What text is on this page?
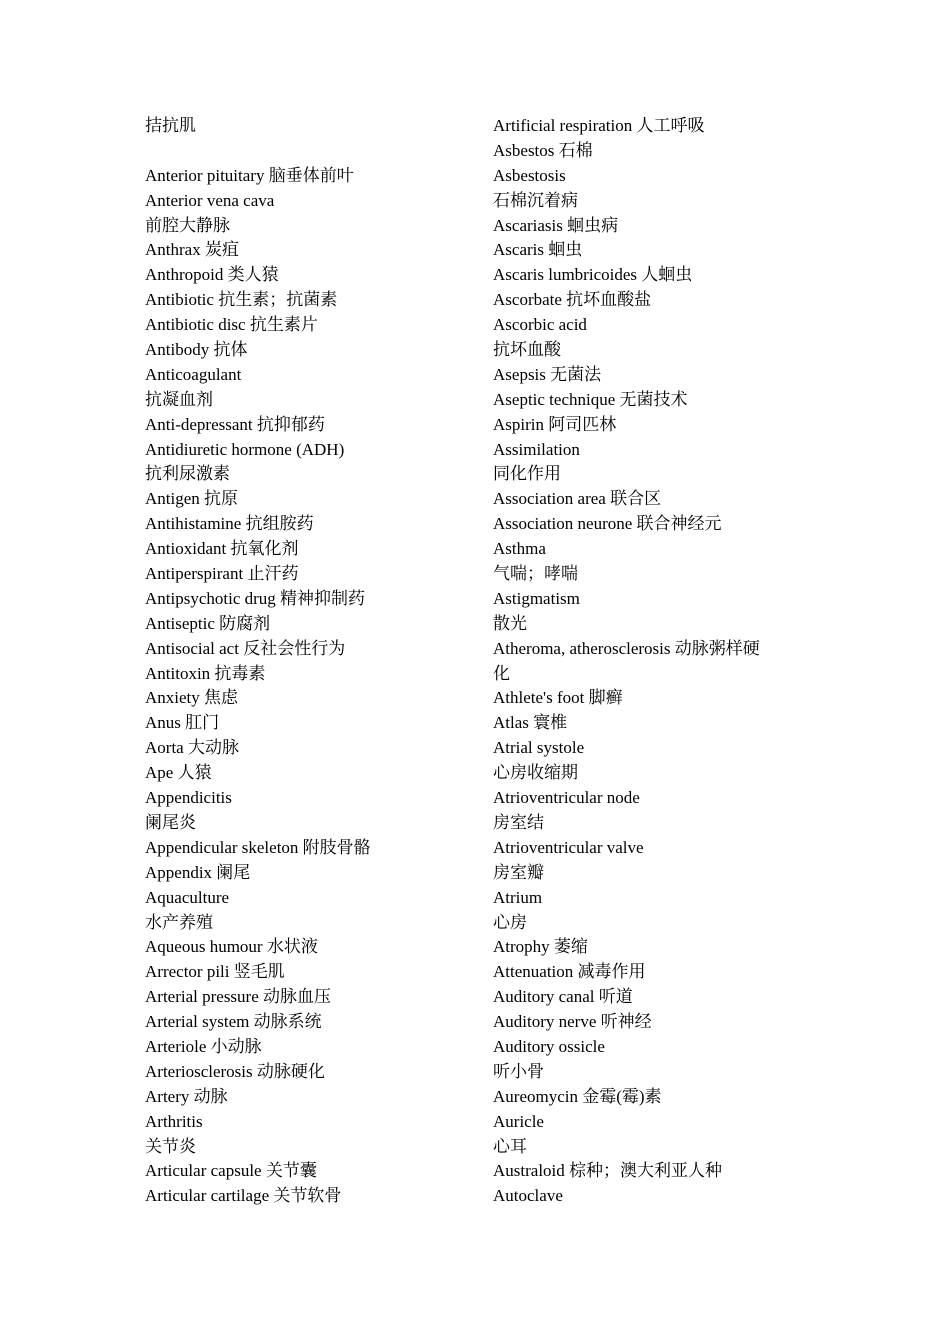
拮抗肌
Anterior pituitary 脑垂体前叶
Anterior vena cava
前腔大静脉
Anthrax 炭疽
Anthropoid 类人猿
Antibiotic 抗生素；抗菌素
Antibiotic disc 抗生素片
Antibody 抗体
Anticoagulant
抗凝血剂
Anti-depressant 抗抑郁药
Antidiuretic hormone (ADH)
抗利尿激素
Antigen 抗原
Antihistamine 抗组胺药
Antioxidant 抗氧化剂
Antiperspirant 止汗药
Antipsychotic drug 精神抑制药
Antiseptic 防腐剂
Antisocial act 反社会性行为
Antitoxin 抗毒素
Anxiety 焦虑
Anus 肛门
Aorta 大动脉
Ape 人猿
Appendicitis
阑尾炎
Appendicular skeleton 附肢骨骼
Appendix 阑尾
Aquaculture
水产养殖
Aqueous humour 水状液
Arrector pili 竖毛肌
Arterial pressure 动脉血压
Arterial system 动脉系统
Arteriole 小动脉
Arteriosclerosis 动脉硬化
Artery 动脉
Arthritis
关节炎
Articular capsule 关节囊
Articular cartilage 关节软骨
Artificial respiration 人工呼吸
Asbestos 石棉
Asbestosis
石棉沉着病
Ascariasis 蛔虫病
Ascaris 蛔虫
Ascaris lumbricoides 人蛔虫
Ascorbate 抗坏血酸盐
Ascorbic acid
抗坏血酸
Asepsis 无菌法
Aseptic technique 无菌技术
Aspirin 阿司匹林
Assimilation
同化作用
Association area 联合区
Association neurone 联合神经元
Asthma
气喘；哮喘
Astigmatism
散光
Atheroma, atherosclerosis 动脉粥样硬
化
Athlete's foot 脚癣
Atlas 寰椎
Atrial systole
心房收缩期
Atrioventricular node
房室结
Atrioventricular valve
房室瓣
Atrium
心房
Atrophy 萎缩
Attenuation 减毒作用
Auditory canal 听道
Auditory nerve 听神经
Auditory ossicle
听小骨
Aureomycin 金霉(霉)素
Auricle
心耳
Australoid 棕种；澳大利亚人种
Autoclave
